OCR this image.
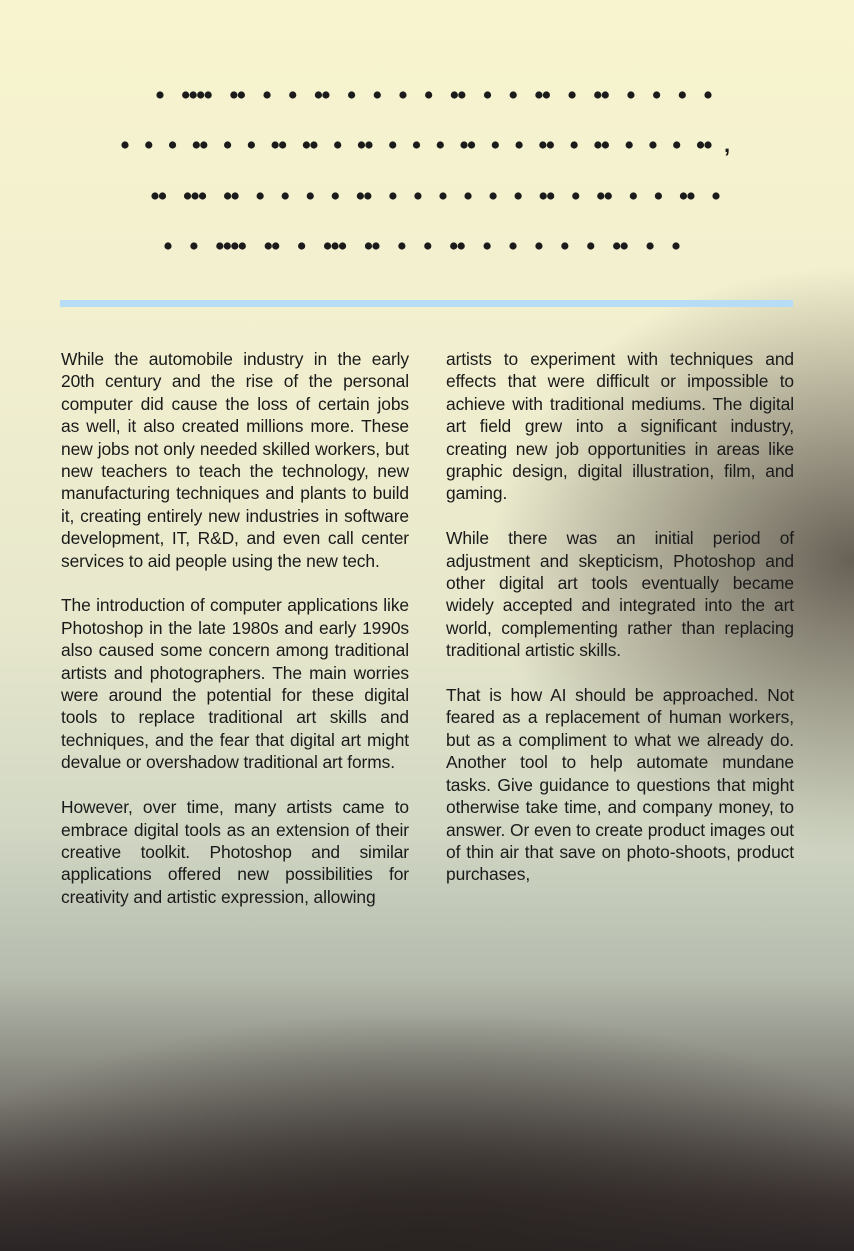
,

While the automobile industry in the early 20th century and the rise of the personal computer did cause the loss of certain jobs as well, it also created millions more. These new jobs not only needed skilled workers, but new teachers to teach the technology, new manufacturing techniques and plants to build it, creating entirely new industries in software development, IT, R&D, and even call center services to aid people using the new tech.

The introduction of computer applications like Photoshop in the late 1980s and early 1990s also caused some concern among traditional artists and photographers. The main worries were around the potential for these digital tools to replace traditional art skills and techniques, and the fear that digital art might devalue or overshadow traditional art forms.

However, over time, many artists came to embrace digital tools as an extension of their creative toolkit. Photoshop and similar applications offered new possibilities for creativity and artistic expression, allowing

artists to experiment with techniques and effects that were difficult or impossible to achieve with traditional mediums. The digital art field grew into a significant industry, creating new job opportunities in areas like graphic design, digital illustration, film, and gaming.

While there was an initial period of adjustment and skepticism, Photoshop and other digital art tools eventually became widely accepted and integrated into the art world, complementing rather than replacing traditional artistic skills.

That is how AI should be approached. Not feared as a replacement of human workers, but as a compliment to what we already do. Another tool to help automate mundane tasks. Give guidance to questions that might otherwise take time, and company money, to answer. Or even to create product images out of thin air that save on photo-shoots, product purchases,
